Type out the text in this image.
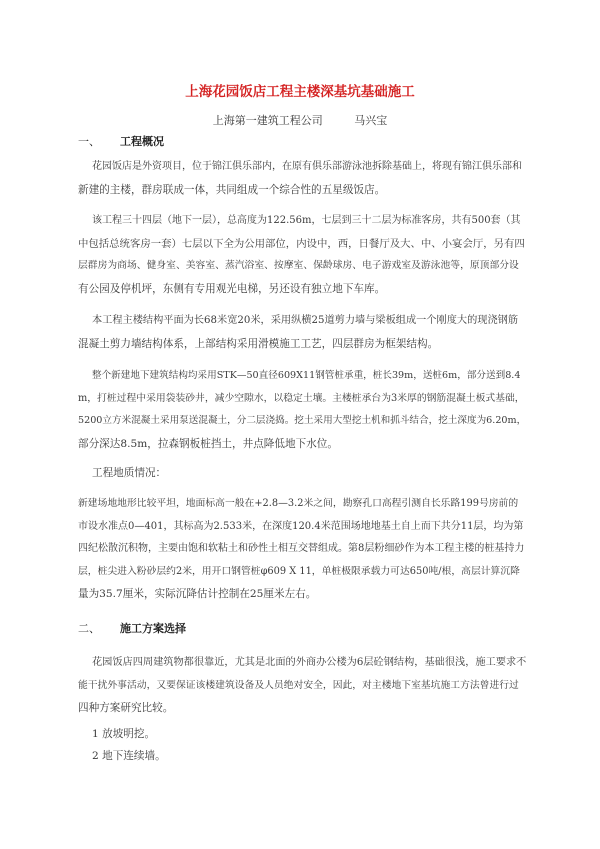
上海花园饭店工程主楼深基坑基础施工
上海第一建筑工程公司	马兴宝
一、 工程概况
花园饭店是外资项目，位于锦江俱乐部内，在原有俱乐部游泳池拆除基础上，将现有锦江俱乐部和
新建的主楼，群房联成一体，共同组成一个综合性的五星级饭店。
该工程三十四层（地下一层），总高度为122.56m，七层到三十二层为标准客房，共有500套（其
中包括总统客房一套）七层以下全为公用部位，内设中，西，日餐厅及大、中、小宴会厅，另有四
层群房为商场、健身室、美容室、蒸汽浴室、按摩室、保龄球房、电子游戏室及游泳池等，原顶部分设
有公园及停机坪，东侧有专用观光电梯，另还设有独立地下车库。
本工程主楼结构平面为长68米宽20米，采用纵横25道剪力墙与梁板组成一个刚度大的现浇钢筋
混凝土剪力墙结构体系，上部结构采用滑模施工工艺，四层群房为框架结构。
整个新建地下建筑结构均采用STK—50直径609X11钢管桩承重，桩长39m，送桩6m，部分送到8.4
m，打桩过程中采用袋装砂井，减少空隙水，以稳定土壤。主楼桩承台为3米厚的钢筋混凝土板式基础，
5200立方米混凝土采用泵送混凝土，分二层浇捣。挖土采用大型挖土机和抓斗结合，挖土深度为6.20m，
部分深达8.5m，拉森钢板桩挡土，井点降低地下水位。
工程地质情况：
新建场地地形比较平坦，地面标高一般在+2.8—3.2米之间，勘察孔口高程引测自长乐路199号房前的
市设水准点0—401，其标高为2.533米，在深度120.4米范围场地地基土自上而下共分11层，均为第
四纪松散沉积物，主要由饱和软粘土和砂性土相互交替组成。第8层粉细砂作为本工程主楼的桩基持力
层，桩尖进入粉砂层约2米，用开口钢管桩φ609 X 11，单桩极限承载力可达650吨/根，高层计算沉降
量为35.7厘米，实际沉降估计控制在25厘米左右。
二、 施工方案选择
花园饭店四周建筑物都很靠近，尤其是北面的外商办公楼为6层砼钢结构，基础很浅，施工要求不
能干扰外事活动，又要保证该楼建筑设备及人员绝对安全，因此，对主楼地下室基坑施工方法曾进行过
四种方案研究比较。
1 放坡明挖。
2 地下连续墙。
